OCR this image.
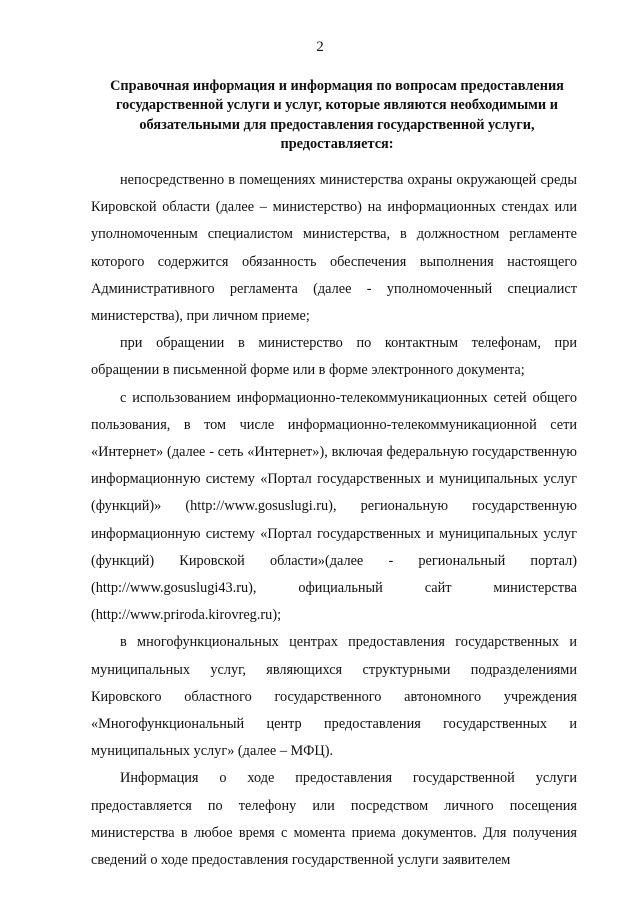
2
Справочная информация и информация по вопросам предоставления государственной услуги и услуг, которые являются необходимыми и обязательными для предоставления государственной услуги, предоставляется:

непосредственно в помещениях министерства охраны окружающей среды Кировской области (далее – министерство) на информационных стендах или уполномоченным специалистом министерства, в должностном регламенте которого содержится обязанность обеспечения выполнения настоящего Административного регламента (далее - уполномоченный специалист министерства), при личном приеме;

при обращении в министерство по контактным телефонам, при обращении в письменной форме или в форме электронного документа;

с использованием информационно-телекоммуникационных сетей общего пользования, в том числе информационно-телекоммуникационной сети «Интернет» (далее - сеть «Интернет»), включая федеральную государственную информационную систему «Портал государственных и муниципальных услуг (функций)» (http://www.gosuslugi.ru), региональную государственную информационную систему «Портал государственных и муниципальных услуг (функций) Кировской области»(далее - региональный портал) (http://www.gosuslugi43.ru), официальный сайт министерства (http://www.priroda.kirovreg.ru);

в многофункциональных центрах предоставления государственных и муниципальных услуг, являющихся структурными подразделениями Кировского областного государственного автономного учреждения «Многофункциональный центр предоставления государственных и муниципальных услуг» (далее – МФЦ).

Информация о ходе предоставления государственной услуги предоставляется по телефону или посредством личного посещения министерства в любое время с момента приема документов. Для получения сведений о ходе предоставления государственной услуги заявителем
